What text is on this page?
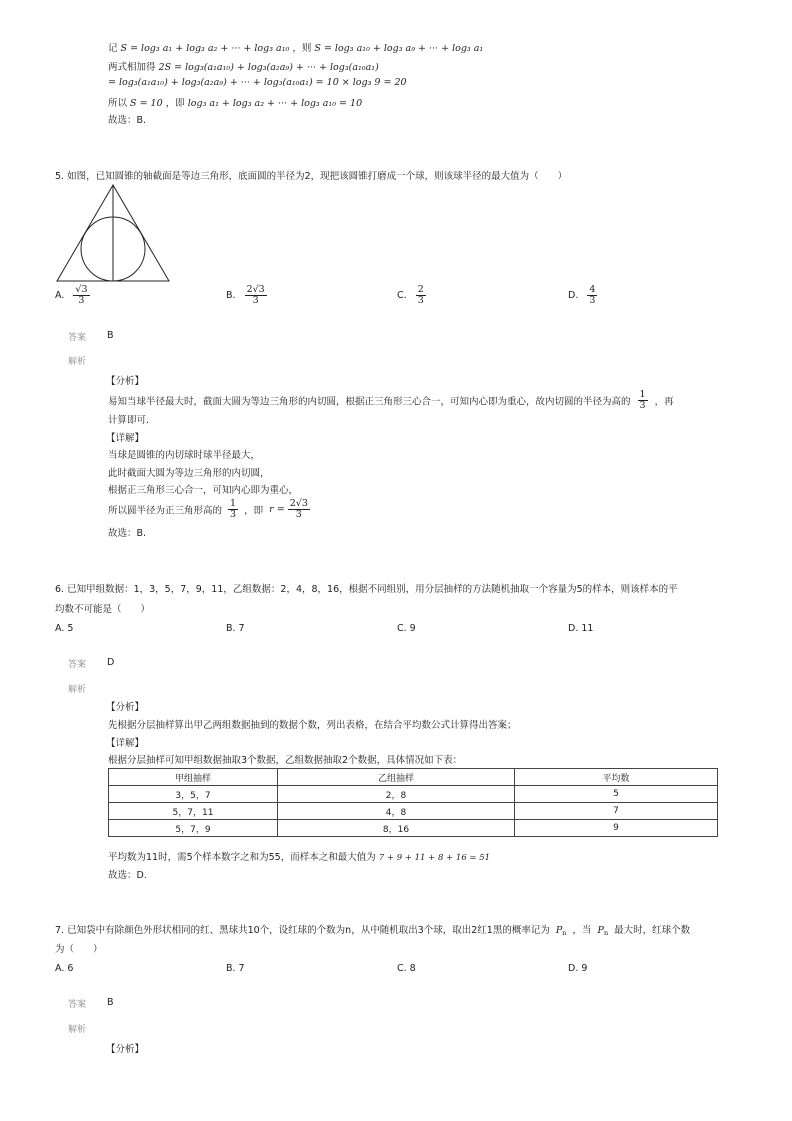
记 S = log₃ a₁ + log₃ a₂ + ··· + log₃ a₁₀ ，则 S = log₃ a₁₀ + log₃ a₉ + ··· + log₃ a₁
两式相加得 2S = log₃(a₁a₁₀) + log₃(a₂a₉) + ··· + log₃(a₁₀a₁)
= log₃(a₁a₁₀) + log₃(a₂a₉) + ··· + log₃(a₁₀a₁) = 10 × log₃ 9 = 20
所以 S = 10 ，即 log₃ a₁ + log₃ a₂ + ··· + log₃ a₁₀ = 10
故选：B.
5. 如图，已知圆锥的轴截面是等边三角形，底面圆的半径为2，现把该圆锥打磨成一个球，则该球半径的最大值为（　　）
A. $\frac{√3}{3}$	B. $\frac{2√3}{3}$	C. $\frac{2}{3}$	D. $\frac{4}{3}$
答案 B
解析
【分析】
易知当球半径最大时，截面大圆为等边三角形的内切圆，根据正三角形三心合一，可知内心即为重心，故内切圆的半径为高的 $\frac{1}{3}$ ，再
计算即可.
【详解】
当球是圆锥的内切球时球半径最大，
此时截面大圆为等边三角形的内切圆，
根据正三角形三心合一，可知内心即为重心，
所以圆半径为正三角形高的 $\frac{1}{3}$ ，即 $r = \frac{2√3}{3}$
故选：B.
6. 已知甲组数据：1，3，5，7，9，11，乙组数据：2，4，8，16，根据不同组别，用分层抽样的方法随机抽取一个容量为5的样本，则该样本的平
均数不可能是（　　）
A. 5	B. 7	C. 9	D. 11
答案 D
解析
【分析】
先根据分层抽样算出甲乙两组数据抽到的数据个数，列出表格，在结合平均数公式计算得出答案；
【详解】
根据分层抽样可知甲组数据抽取3个数据，乙组数据抽取2个数据，具体情况如下表：
甲组抽样	乙组抽样	平均数
3，5，7	2，8	5
5，7，11	4，8	7
5，7，9	8，16	9
平均数为11时，需5个样本数字之和为55，而样本之和最大值为 7 + 9 + 11 + 8 + 16 = 51
故选：D.
7. 已知袋中有除颜色外形状相同的红、黑球共10个，设红球的个数为n，从中随机取出3个球，取出2红1黑的概率记为 $P_n$ ，当 $P_n$ 最大时，红球个数
为（　　）
A. 6	B. 7	C. 8	D. 9
答案 B
解析
【分析】
